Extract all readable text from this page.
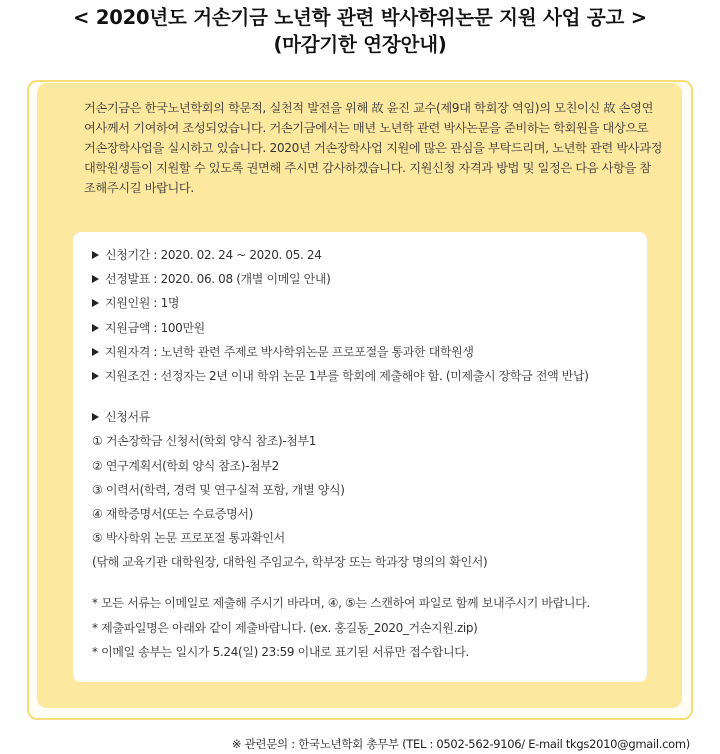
< 2020년도 거손기금 노년학 관련 박사학위논문 지원 사업 공고 >
(마감기한 연장안내)
거손기금은 한국노년학회의 학문적, 실천적 발전을 위해 故 윤진 교수(제9대 학회장 역임)의 모친이신 故 손영연
여사께서 기여하여 조성되었습니다. 거손기금에서는 매년 노년학 관련 박사논문을 준비하는 학회원을 대상으로
거손장학사업을 실시하고 있습니다. 2020년 거손장학사업 지원에 많은 관심을 부탁드리며, 노년학 관련 박사과정
대학원생들이 지원할 수 있도록 권면해 주시면 감사하겠습니다. 지원신청 자격과 방법 및 일정은 다음 사항을 참
조해주시길 바랍니다.
신청기간 : 2020. 02. 24 ~ 2020. 05. 24
선정발표 : 2020. 06. 08 (개별 이메일 안내)
지원인원 : 1명
지원금액 : 100만원
지원자격 : 노년학 관련 주제로 박사학위논문 프로포절을 통과한 대학원생
지원조건 : 선정자는 2년 이내 학위 논문 1부를 학회에 제출해야 함. (미제출시 장학금 전액 반납)
신청서류
① 거손장학금 신청서(학회 양식 참조)-첨부1
② 연구계획서(학회 양식 참조)-첨부2
③ 이력서(학력, 경력 및 연구실적 포함, 개별 양식)
④ 재학증명서(또는 수료증명서)
⑤ 박사학위 논문 프로포절 통과확인서
(닦해 교육기관 대학원장, 대학원 주임교수, 학부장 또는 학과장 명의의 확인서)
* 모든 서류는 이메일로 제출해 주시기 바라며, ④, ⑤는 스캔하여 파일로 함께 보내주시기 바랍니다.
* 제출파일명은 아래와 같이 제출바랍니다. (ex. 홍길동_2020_거손지원.zip)
* 이메일 송부는 일시가 5.24(일) 23:59 이내로 표기된 서류만 접수합니다.
※ 관련문의 : 한국노년학회 총무부 (TEL : 0502-562-9106/ E-mail tkgs2010@gmail.com)
